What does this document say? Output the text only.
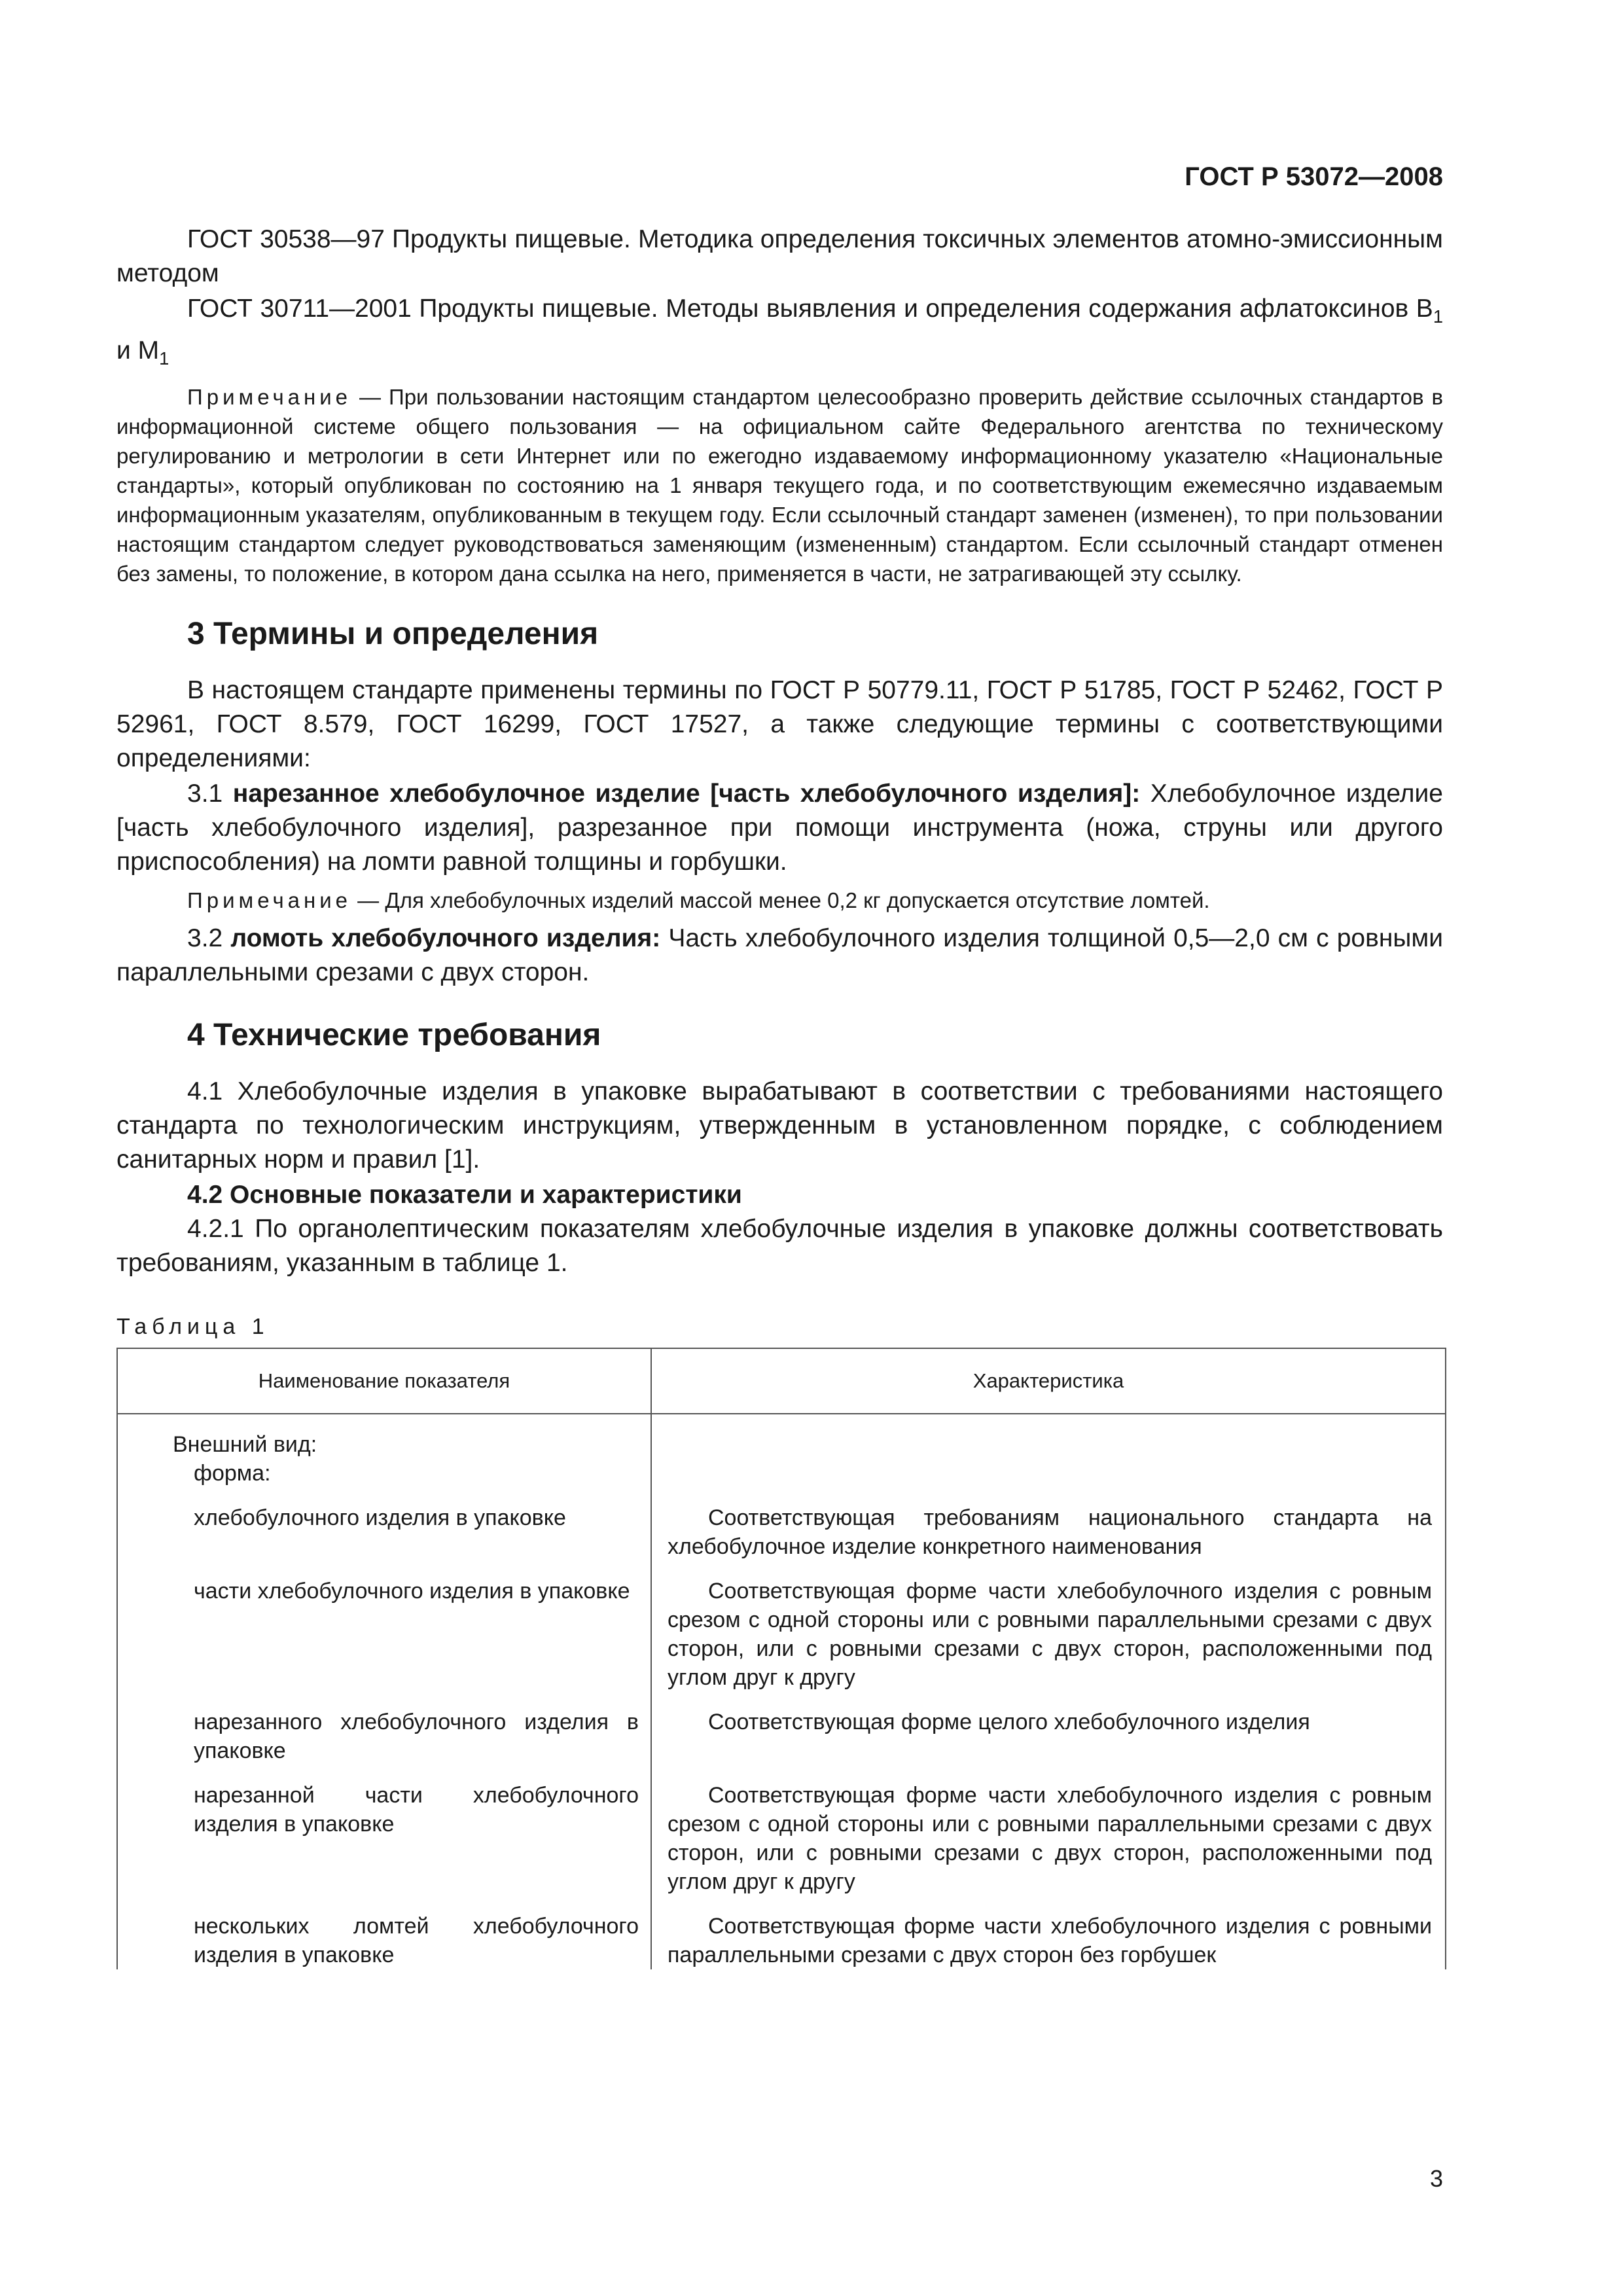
ГОСТ Р 53072—2008

ГОСТ 30538—97 Продукты пищевые. Методика определения токсичных элементов атомно-эмиссионным методом

ГОСТ 30711—2001 Продукты пищевые. Методы выявления и определения содержания афлатоксинов $В_1$ и $М_1$

Примечание — При пользовании настоящим стандартом целесообразно проверить действие ссылочных стандартов в информационной системе общего пользования — на официальном сайте Федерального агентства по техническому регулированию и метрологии в сети Интернет или по ежегодно издаваемому информационному указателю «Национальные стандарты», который опубликован по состоянию на 1 января текущего года, и по соответствующим ежемесячно издаваемым информационным указателям, опубликованным в текущем году. Если ссылочный стандарт заменен (изменен), то при пользовании настоящим стандартом следует руководствоваться заменяющим (измененным) стандартом. Если ссылочный стандарт отменен без замены, то положение, в котором дана ссылка на него, применяется в части, не затрагивающей эту ссылку.

3 Термины и определения

В настоящем стандарте применены термины по ГОСТ Р 50779.11, ГОСТ Р 51785, ГОСТ Р 52462, ГОСТ Р 52961, ГОСТ 8.579, ГОСТ 16299, ГОСТ 17527, а также следующие термины с соответствующими определениями:

3.1 нарезанное хлебобулочное изделие [часть хлебобулочного изделия]: Хлебобулочное изделие [часть хлебобулочного изделия], разрезанное при помощи инструмента (ножа, струны или другого приспособления) на ломти равной толщины и горбушки.

Примечание — Для хлебобулочных изделий массой менее 0,2 кг допускается отсутствие ломтей.

3.2 ломоть хлебобулочного изделия: Часть хлебобулочного изделия толщиной 0,5—2,0 см с ровными параллельными срезами с двух сторон.

4 Технические требования

4.1 Хлебобулочные изделия в упаковке вырабатывают в соответствии с требованиями настоящего стандарта по технологическим инструкциям, утвержденным в установленном порядке, с соблюдением санитарных норм и правил [1].

4.2 Основные показатели и характеристики

4.2.1 По органолептическим показателям хлебобулочные изделия в упаковке должны соответствовать требованиям, указанным в таблице 1.

Таблица 1
Наименование показателя	Характеристика

Внешний вид:	
форма:	

хлебобулочного изделия в упаковке	Соответствующая требованиям национального стандарта на хлебобулочное изделие конкретного наименования

части хлебобулочного изделия в упаковке	Соответствующая форме части хлебобулочного изделия с ровным срезом с одной стороны или с ровными параллельными срезами с двух сторон, или с ровными срезами с двух сторон, расположенными под углом друг к другу

нарезанного хлебобулочного изделия в упаковке	Соответствующая форме целого хлебобулочного изделия

нарезанной части хлебобулочного изделия в упаковке	Соответствующая форме части хлебобулочного изделия с ровным срезом с одной стороны или с ровными параллельными срезами с двух сторон, или с ровными срезами с двух сторон, расположенными под углом друг к другу

нескольких ломтей хлебобулочного изделия в упаковке	Соответствующая форме части хлебобулочного изделия с ровными параллельными срезами с двух сторон без горбушек
3
